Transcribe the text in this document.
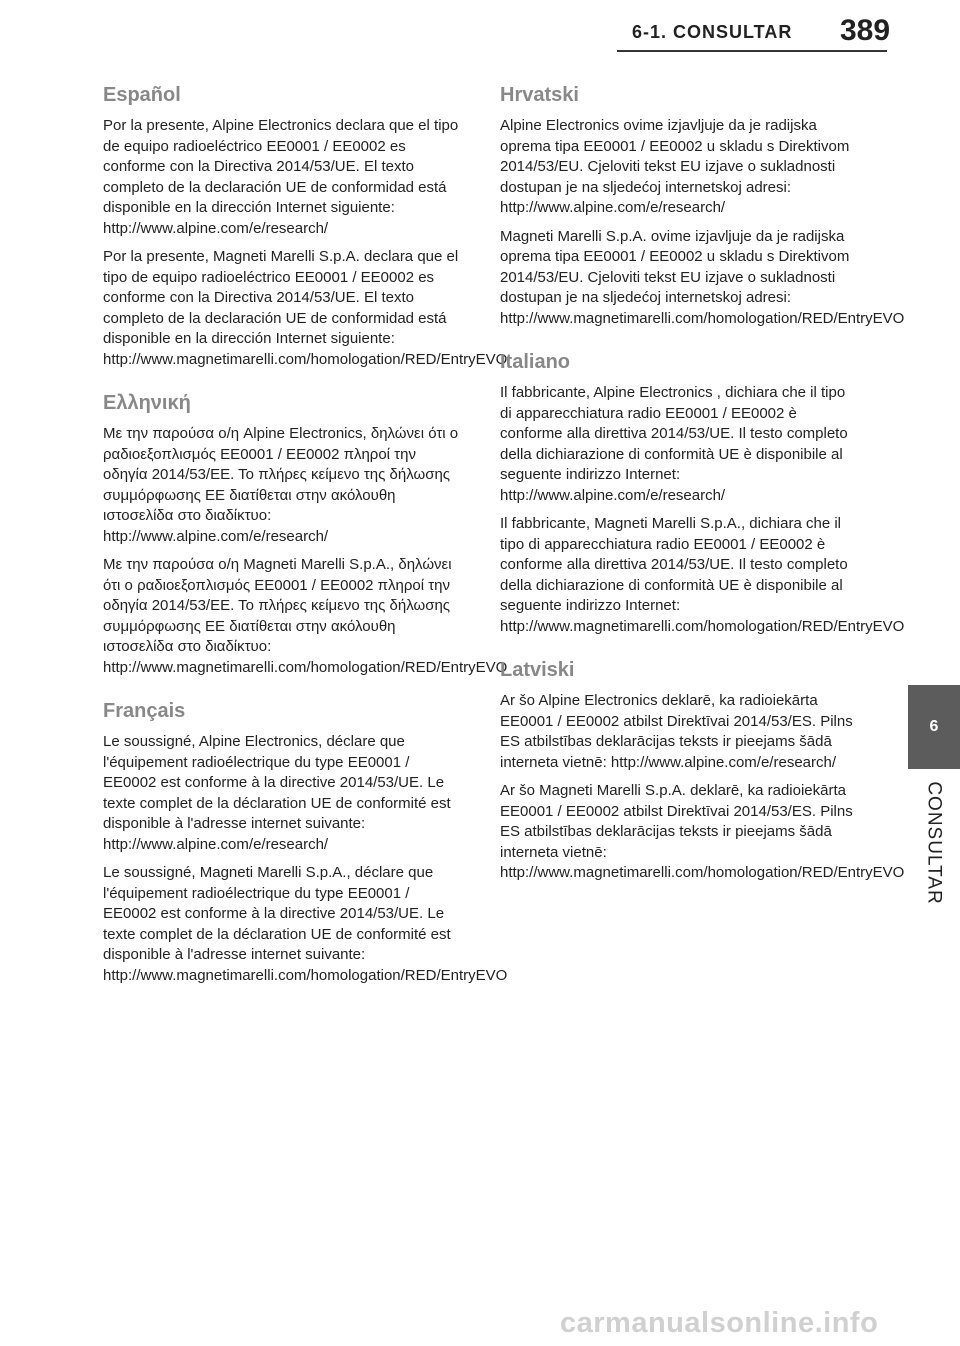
6-1. CONSULTAR 389
6
CONSULTAR
Español

Por la presente, Alpine Electronics declara que el tipo de equipo radioeléctrico EE0001 / EE0002 es conforme con la Directiva 2014/53/UE. El texto completo de la declaración UE de conformidad está disponible en la dirección Internet siguiente: http://www.alpine.com/e/research/

Por la presente, Magneti Marelli S.p.A. declara que el tipo de equipo radioeléctrico EE0001 / EE0002 es conforme con la Directiva 2014/53/UE. El texto completo de la declaración UE de conformidad está disponible en la dirección Internet siguiente: http://www.magnetimarelli.com/homologation/RED/EntryEVO

Ελληνική

Με την παρούσα ο/η Alpine Electronics, δηλώνει ότι ο ραδιοεξοπλισμός EE0001 / EE0002 πληροί την οδηγία 2014/53/ΕΕ. Το πλήρες κείμενο της δήλωσης συμμόρφωσης ΕΕ διατίθεται στην ακόλουθη ιστοσελίδα στο διαδίκτυο: http://www.alpine.com/e/research/

Με την παρούσα ο/η Magneti Marelli S.p.A., δηλώνει ότι ο ραδιοεξοπλισμός EE0001 / EE0002 πληροί την οδηγία 2014/53/ΕΕ. Το πλήρες κείμενο της δήλωσης συμμόρφωσης ΕΕ διατίθεται στην ακόλουθη ιστοσελίδα στο διαδίκτυο: http://www.magnetimarelli.com/homologation/RED/EntryEVO

Français

Le soussigné, Alpine Electronics, déclare que l'équipement radioélectrique du type EE0001 / EE0002 est conforme à la directive 2014/53/UE. Le texte complet de la déclaration UE de conformité est disponible à l'adresse internet suivante: http://www.alpine.com/e/research/

Le soussigné, Magneti Marelli S.p.A., déclare que l'équipement radioélectrique du type EE0001 / EE0002 est conforme à la directive 2014/53/UE. Le texte complet de la déclaration UE de conformité est disponible à l'adresse internet suivante: http://www.magnetimarelli.com/homologation/RED/EntryEVO

Hrvatski

Alpine Electronics ovime izjavljuje da je radijska oprema tipa EE0001 / EE0002 u skladu s Direktivom 2014/53/EU. Cjeloviti tekst EU izjave o sukladnosti dostupan je na sljedećoj internetskoj adresi: http://www.alpine.com/e/research/

Magneti Marelli S.p.A. ovime izjavljuje da je radijska oprema tipa EE0001 / EE0002 u skladu s Direktivom 2014/53/EU. Cjeloviti tekst EU izjave o sukladnosti dostupan je na sljedećoj internetskoj adresi: http://www.magnetimarelli.com/homologation/RED/EntryEVO

Italiano

Il fabbricante, Alpine Electronics , dichiara che il tipo di apparecchiatura radio EE0001 / EE0002 è conforme alla direttiva 2014/53/UE. Il testo completo della dichiarazione di conformità UE è disponibile al seguente indirizzo Internet: http://www.alpine.com/e/research/

Il fabbricante, Magneti Marelli S.p.A., dichiara che il tipo di apparecchiatura radio EE0001 / EE0002 è conforme alla direttiva 2014/53/UE. Il testo completo della dichiarazione di conformità UE è disponibile al seguente indirizzo Internet: http://www.magnetimarelli.com/homologation/RED/EntryEVO

Latviski

Ar šo Alpine Electronics deklarē, ka radioiekārta EE0001 / EE0002 atbilst Direktīvai 2014/53/ES. Pilns ES atbilstības deklarācijas teksts ir pieejams šādā interneta vietnē: http://www.alpine.com/e/research/

Ar šo Magneti Marelli S.p.A. deklarē, ka radioiekārta EE0001 / EE0002 atbilst Direktīvai 2014/53/ES. Pilns ES atbilstības deklarācijas teksts ir pieejams šādā interneta vietnē: http://www.magnetimarelli.com/homologation/RED/EntryEVO

carmanualsonline.info
